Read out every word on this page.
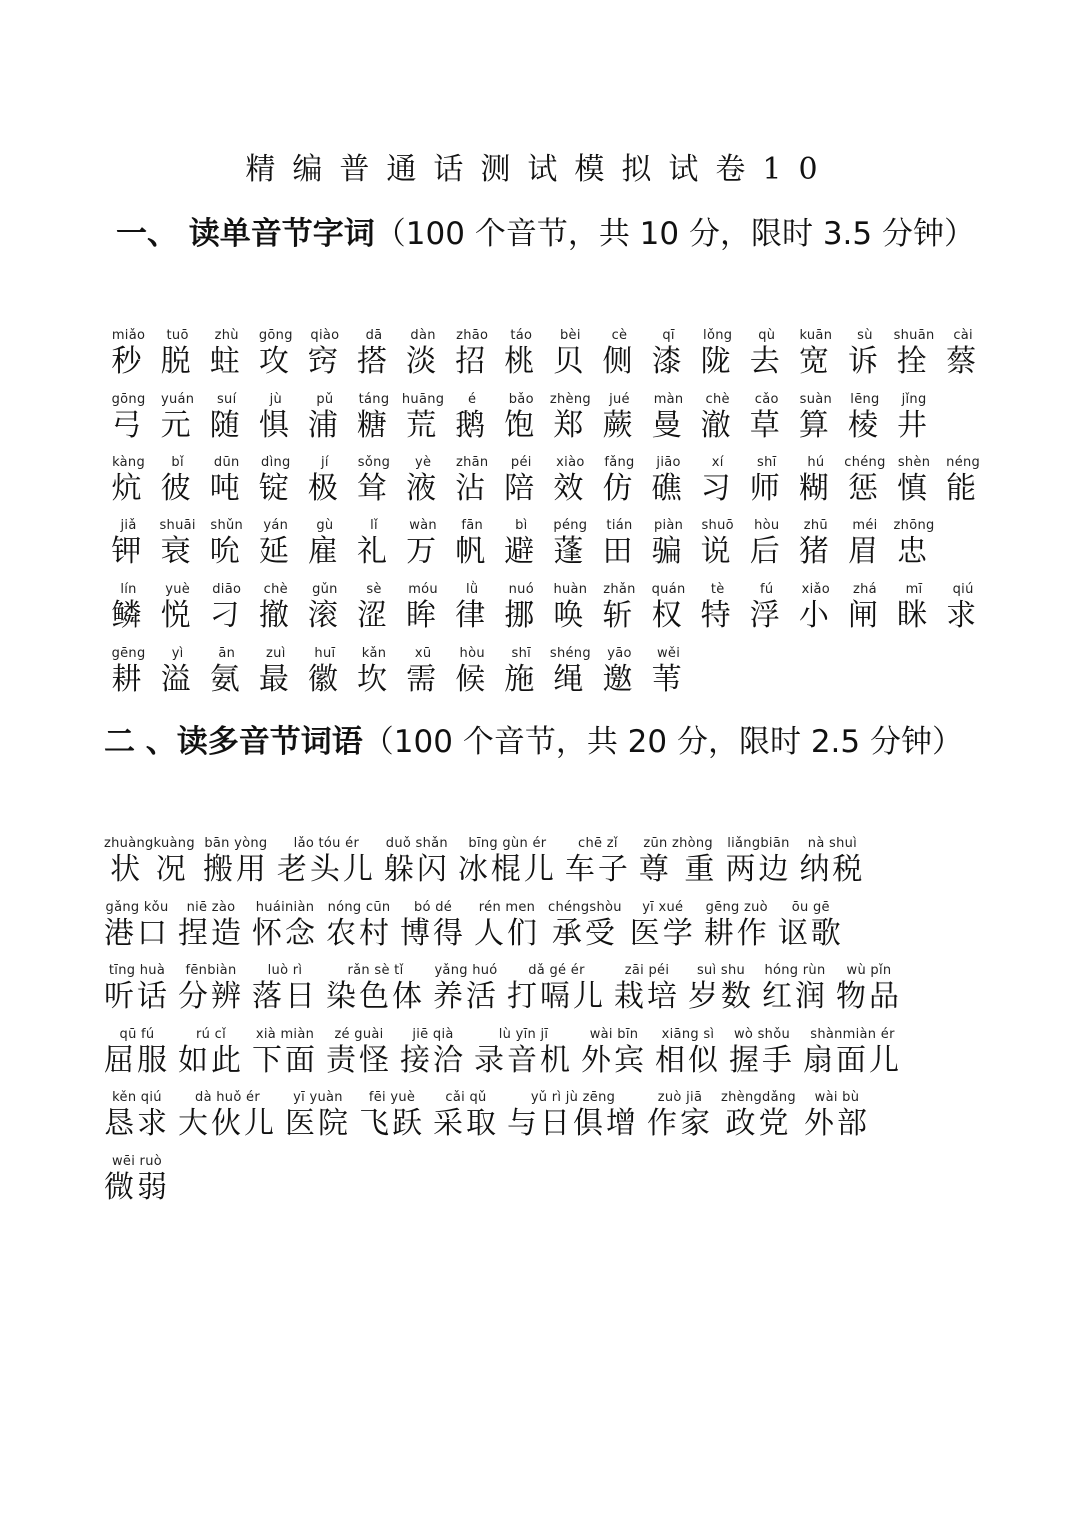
精编普通话测试模拟试卷10
一、 读单音节字词（100 个音节，共 10 分，限时 3.5 分钟）
miǎo
秒
tuō
脱
zhù
蛀
gōng
攻
qiào
窍
dā
搭
dàn
淡
zhāo
招
táo
桃
bèi
贝
cè
侧
qī
漆
lǒng
陇
qù
去
kuān
宽
sù
诉
shuān
拴
cài
蔡
gōng
弓
yuán
元
suí
随
jù
惧
pǔ
浦
táng
糖
huāng
荒
é
鹅
bǎo
饱
zhèng
郑
jué
蕨
màn
曼
chè
澈
cǎo
草
suàn
算
lēng
棱
jǐng
井
kàng
炕
bǐ
彼
dūn
吨
dìng
锭
jí
极
sǒng
耸
yè
液
zhān
沾
péi
陪
xiào
效
fǎng
仿
jiāo
礁
xí
习
shī
师
hú
糊
chéng
惩
shèn
慎
néng
能
jiǎ
钾
shuāi
衰
shǔn
吮
yán
延
gù
雇
lǐ
礼
wàn
万
fān
帆
bì
避
péng
蓬
tián
田
piàn
骗
shuō
说
hòu
后
zhū
猪
méi
眉
zhōng
忠
lín
鳞
yuè
悦
diāo
刁
chè
撤
gǔn
滚
sè
涩
móu
眸
lǜ
律
nuó
挪
huàn
唤
zhǎn
斩
quán
权
tè
特
fú
浮
xiǎo
小
zhá
闸
mī
眯
qiú
求
gēng
耕
yì
溢
ān
氨
zuì
最
huī
徽
kǎn
坎
xū
需
hòu
候
shī
施
shéng
绳
yāo
邀
wěi
苇
二 、读多音节词语（100 个音节，共 20 分，限时 2.5 分钟）
zhuàngkuàng
状 况
bān yòng
搬用
lǎo tóu ér
老头儿
duǒ shǎn
躲闪
bīng gùn ér
冰棍儿
chē zǐ
车子
zūn zhòng
尊 重
liǎngbiān
两边
nà shuì
纳税
gǎng kǒu
港口
niē zào
捏造
huáiniàn
怀念
nóng cūn
农村
bó dé
博得
rén men
人们
chéngshòu
承受
yī xué
医学
gēng zuò
耕作
ōu gē
讴歌
tīng huà
听话
fēnbiàn
分辨
luò rì
落日
rǎn sè tǐ
染色体
yǎng huó
养活
dǎ gé ér
打嗝儿
zāi péi
栽培
suì shu
岁数
hóng rùn
红润
wù pǐn
物品
qū fú
屈服
rú cǐ
如此
xià miàn
下面
zé guài
责怪
jiē qià
接洽
lù yīn jī
录音机
wài bīn
外宾
xiāng sì
相似
wò shǒu
握手
shànmiàn ér
扇面儿
kěn qiú
恳求
dà huǒ ér
大伙儿
yī yuàn
医院
fēi yuè
飞跃
cǎi qǔ
采取
yǔ rì jù zēng
与日俱增
zuò jiā
作家
zhèngdǎng
政党
wài bù
外部
wēi ruò
微弱
